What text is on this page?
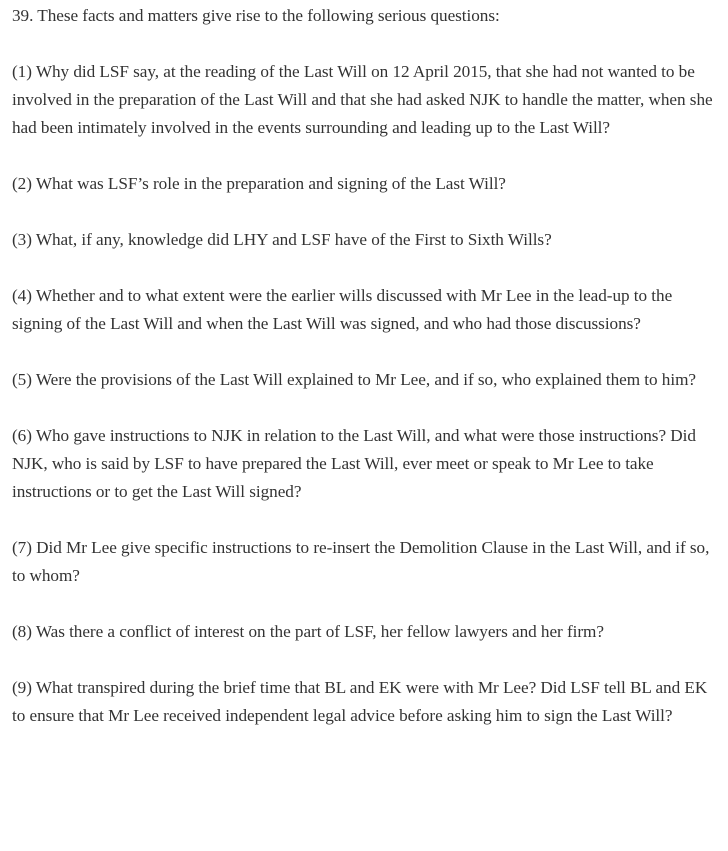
39. These facts and matters give rise to the following serious questions:

(1) Why did LSF say, at the reading of the Last Will on 12 April 2015, that she had not wanted to be involved in the preparation of the Last Will and that she had asked NJK to handle the matter, when she had been intimately involved in the events surrounding and leading up to the Last Will?

(2) What was LSF’s role in the preparation and signing of the Last Will?

(3) What, if any, knowledge did LHY and LSF have of the First to Sixth Wills?

(4) Whether and to what extent were the earlier wills discussed with Mr Lee in the lead-up to the signing of the Last Will and when the Last Will was signed, and who had those discussions?

(5) Were the provisions of the Last Will explained to Mr Lee, and if so, who explained them to him?

(6) Who gave instructions to NJK in relation to the Last Will, and what were those instructions? Did NJK, who is said by LSF to have prepared the Last Will, ever meet or speak to Mr Lee to take instructions or to get the Last Will signed?

(7) Did Mr Lee give specific instructions to re-insert the Demolition Clause in the Last Will, and if so, to whom?

(8) Was there a conflict of interest on the part of LSF, her fellow lawyers and her firm?

(9) What transpired during the brief time that BL and EK were with Mr Lee? Did LSF tell BL and EK to ensure that Mr Lee received independent legal advice before asking him to sign the Last Will?
